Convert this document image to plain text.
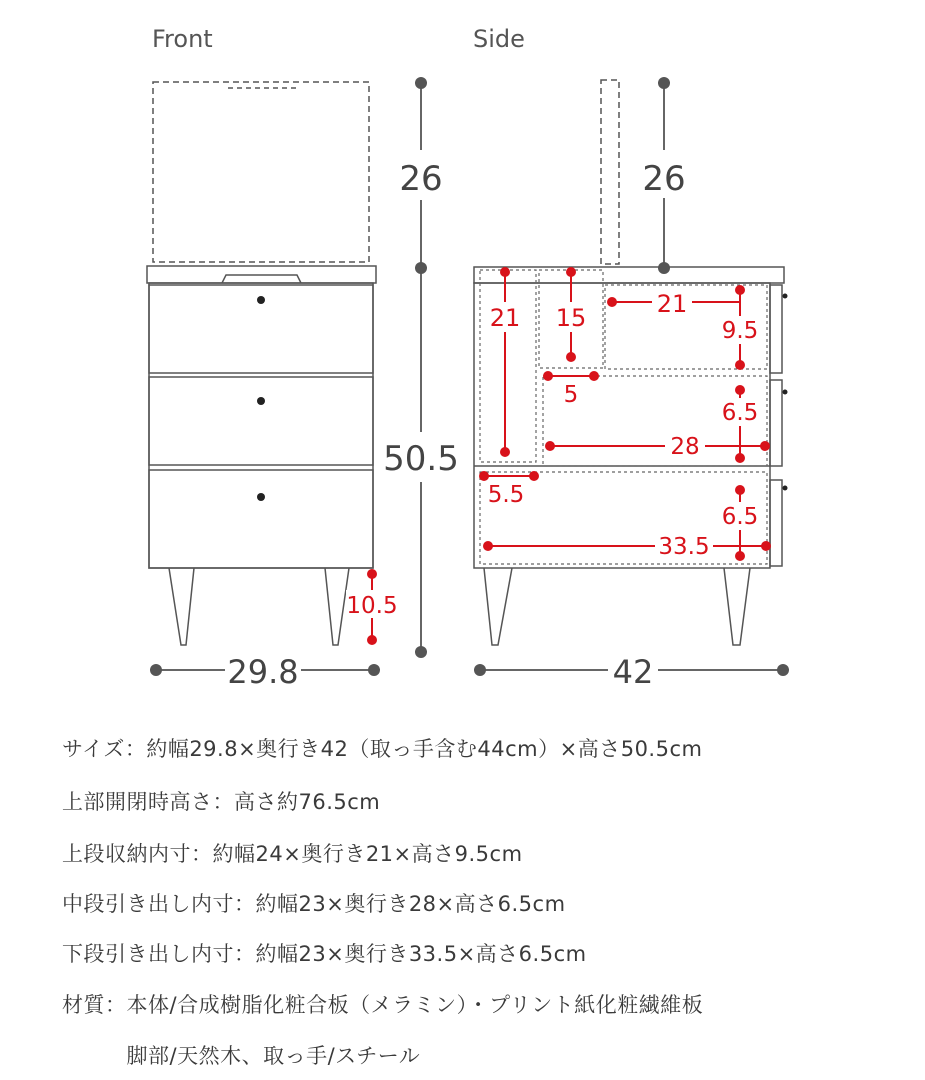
Front	Side
26
50.5
10.5
29.8
26
21 15	21
9.5
5
6.5
28
5.5
6.5
33.5
42
サイズ：約幅29.8×奥行き42（取っ手含む44cm）×高さ50.5cm
上部開閉時高さ：高さ約76.5cm
上段収納内寸：約幅24×奥行き21×高さ9.5cm
中段引き出し内寸：約幅23×奥行き28×高さ6.5cm
下段引き出し内寸：約幅23×奥行き33.5×高さ6.5cm
材質：本体/合成樹脂化粧合板（メラミン）・プリント紙化粧繊維板
　　　脚部/天然木、取っ手/スチール
